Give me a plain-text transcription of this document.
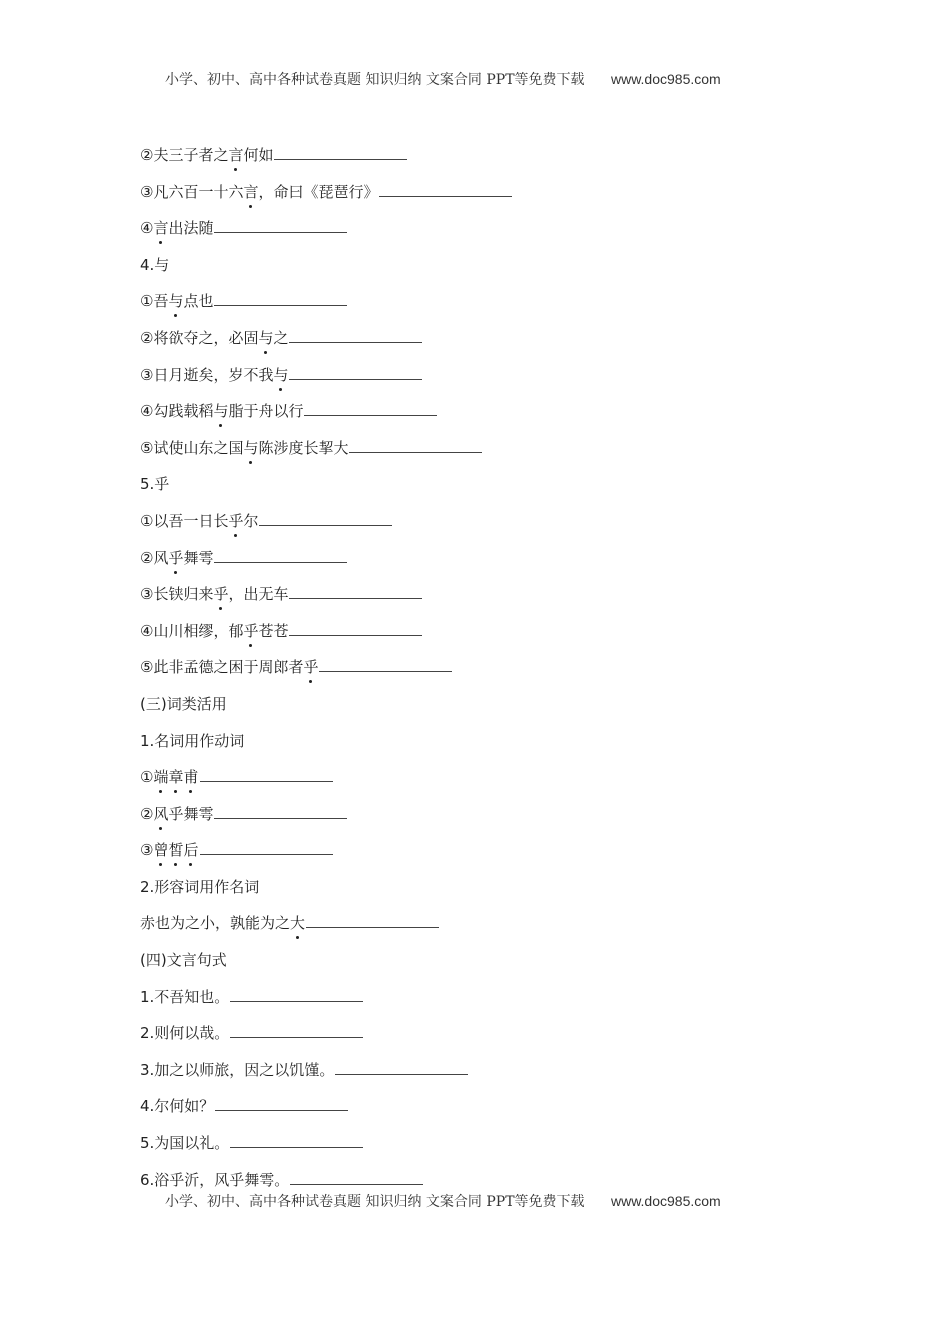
小学、初中、高中各种试卷真题 知识归纳 文案合同 PPT等免费下载 www.doc985.com
②夫三子者之言何如
③凡六百一十六言，命曰《琵琶行》
④言出法随
4.与
①吾与点也
②将欲夺之，必固与之
③日月逝矣，岁不我与
④勾践载稻与脂于舟以行
⑤试使山东之国与陈涉度长挈大
5.乎
①以吾一日长乎尔
②风乎舞雩
③长铗归来乎，出无车
④山川相缪，郁乎苍苍
⑤此非孟德之困于周郎者乎
(三)词类活用
1.名词用作动词
①端章甫
②风乎舞雩
③曾皙后
2.形容词用作名词
赤也为之小，孰能为之大
(四)文言句式
1.不吾知也。
2.则何以哉。
3.加之以师旅，因之以饥馑。
4.尔何如？
5.为国以礼。
6.浴乎沂，风乎舞雩。
小学、初中、高中各种试卷真题 知识归纳 文案合同 PPT等免费下载 www.doc985.com
